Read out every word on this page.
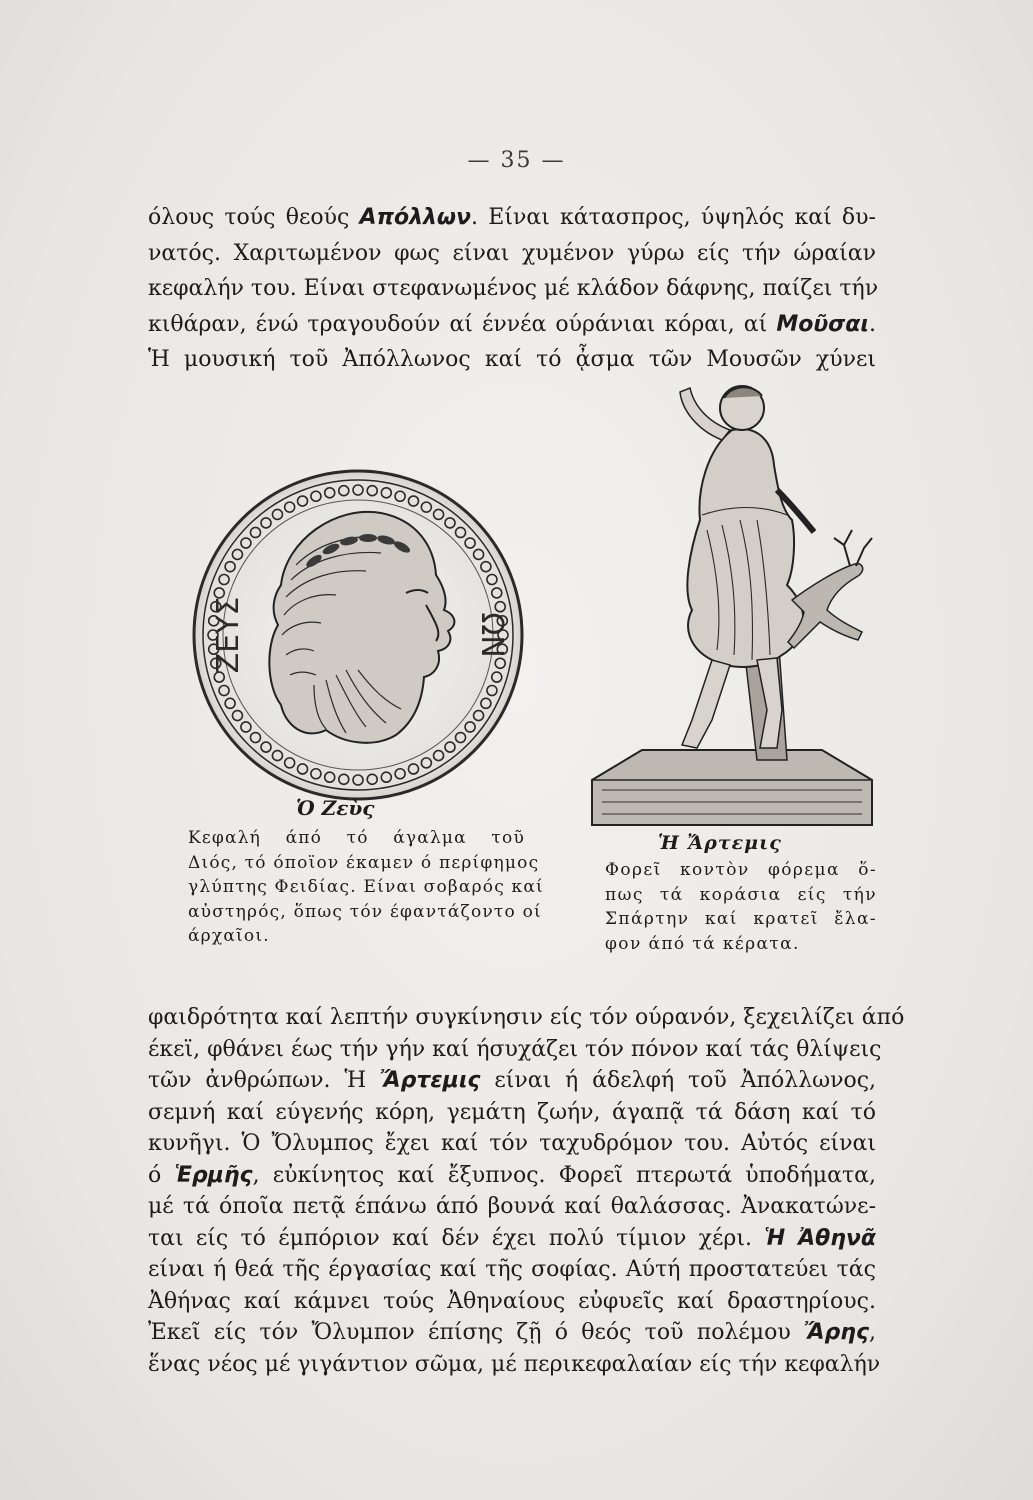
— 35 —
όλους τούς θεούς Απόλλων. Είναι κάτασπρος, ύψηλός καί δυ-
νατός. Χαριτωμένον φως είναι χυμένον γύρω είς τήν ώραίαν
κεφαλήν του. Είναι στεφανωμένος μέ κλάδον δάφνης, παίζει τήν
κιθάραν, ένώ τραγουδούν αί έννέα ούράνιαι κόραι, αί Μοῦσαι.
Ἡ μουσική τοῦ Ἀπόλλωνος καί τό ᾆσμα τῶν Μουσῶν χύνει
ΖΕΥΣ	ΩΝ
Ὁ Ζεὺς
Κεφαλή άπό τό άγαλμα τοῦ
Διός, τό όποϊον έκαμεν ό περίφημος
γλύπτης Φειδίας. Είναι σοβαρός καί
αὐστηρός, ὅπως τόν έφαντάζοντο οί
άρχαῖοι.
Ἡ Ἄρτεμις
Φορεῖ κοντὸν φόρεμα ὅ-
πως τά κοράσια είς τήν
Σπάρτην καί κρατεῖ ἔλα-
φον άπό τά κέρατα.
φαιδρότητα καί λεπτήν συγκίνησιν είς τόν ούρανόν, ξεχειλίζει άπό
έκεϊ, φθάνει έως τήν γήν καί ήσυχάζει τόν πόνον καί τάς θλίψεις
τῶν ἀνθρώπων. Ἡ Ἄρτεμις είναι ή άδελφή τοῦ Ἀπόλλωνος,
σεμνή καί εύγενής κόρη, γεμάτη ζωήν, άγαπᾷ τά δάση καί τό
κυνῆγι. Ὁ Ὄλυμπος ἔχει καί τόν ταχυδρόμον του. Αὐτός είναι
ό Ἑρμῆς, εὐκίνητος καί ἔξυπνος. Φορεῖ πτερωτά ὑποδήματα,
μέ τά όποῖα πετᾷ έπάνω άπό βουνά καί θαλάσσας. Ἀνακατώνε-
ται είς τό έμπόριον καί δέν έχει πολύ τίμιον χέρι. Ἡ Ἀθηνᾶ
είναι ή θεά τῆς έργασίας καί τῆς σοφίας. Αύτή προστατεύει τάς
Ἀθήνας καί κάμνει τούς Ἀθηναίους εὐφυεῖς καί δραστηρίους.
Ἐκεῖ είς τόν Ὄλυμπον έπίσης ζῇ ό θεός τοῦ πολέμου Ἄρης,
ἕνας νέος μέ γιγάντιον σῶμα, μέ περικεφαλαίαν είς τήν κεφαλήν
